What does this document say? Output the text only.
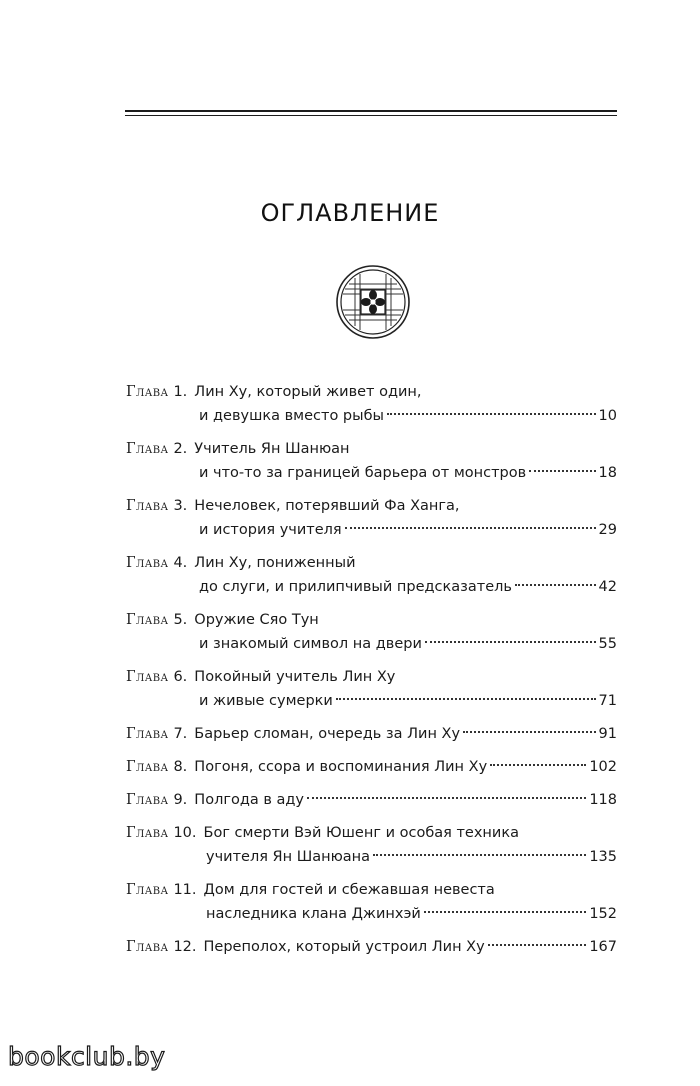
ОГЛАВЛЕНИЕ
Глава 1. Лин Ху, который живет один,
и девушка вместо рыбы	10
Глава 2. Учитель Ян Шанюан
и что-то за границей барьера от монстров	18
Глава 3. Нечеловек, потерявший Фа Ханга,
и история учителя	29
Глава 4. Лин Ху, пониженный
до слуги, и прилипчивый предсказатель	42
Глава 5. Оружие Сяо Тун
и знакомый символ на двери	55
Глава 6. Покойный учитель Лин Ху
и живые сумерки	71
Глава 7. Барьер сломан, очередь за Лин Ху	91
Глава 8. Погоня, ссора и воспоминания Лин Ху	102
Глава 9. Полгода в аду	118
Глава 10. Бог смерти Вэй Юшенг и особая техника
учителя Ян Шанюана	135
Глава 11. Дом для гостей и сбежавшая невеста
наследника клана Джинхэй	152
Глава 12. Переполох, который устроил Лин Ху	167
bookclub.by
